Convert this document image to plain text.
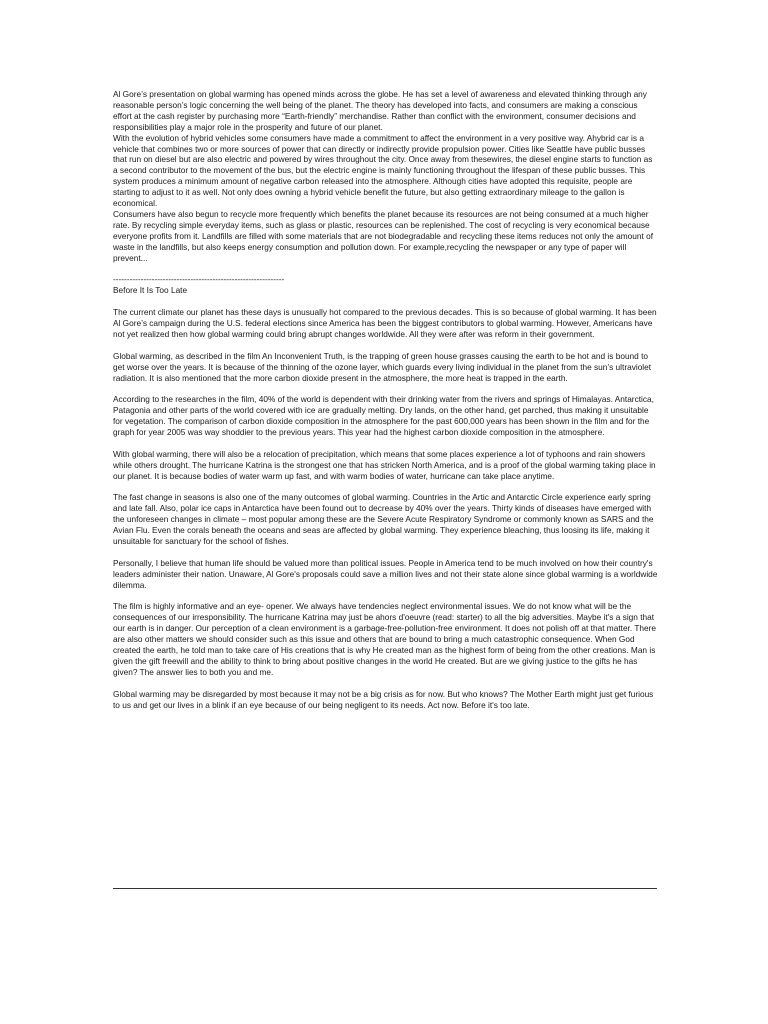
Al Gore’s presentation on global warming has opened minds across the globe. He has set a level of awareness and elevated thinking through any reasonable person’s logic concerning the well being of the planet. The theory has developed into facts, and consumers are making a conscious effort at the cash register by purchasing more “Earth-friendly” merchandise. Rather than conflict with the environment, consumer decisions and responsibilities play a major role in the prosperity and future of our planet.

With the evolution of hybrid vehicles some consumers have made a commitment to affect the environment in a very positive way. Ahybrid car is a vehicle that combines two or more sources of power that can directly or indirectly provide propulsion power. Cities like Seattle have public busses that run on diesel but are also electric and powered by wires throughout the city. Once away from thesewires, the diesel engine starts to function as a second contributor to the movement of the bus, but the electric engine is mainly functioning throughout the lifespan of these public busses. This system produces a minimum amount of negative carbon released into the atmosphere. Although cities have adopted this requisite, people are starting to adjust to it as well. Not only does owning a hybrid vehicle benefit the future, but also getting extraordinary mileage to the gallon is economical.

Consumers have also begun to recycle more frequently which benefits the planet because its resources are not being consumed at a much higher rate. By recycling simple everyday items, such as glass or plastic, resources can be replenished. The cost of recycling is very economical because everyone profits from it. Landfills are filled with some materials that are not biodegradable and recycling these items reduces not only the amount of waste in the landfills, but also keeps energy consumption and pollution down. For example,recycling the newspaper or any type of paper will prevent...

--------------------------------------------------------------

Before It Is Too Late

The current climate our planet has these days is unusually hot compared to the previous decades. This is so because of global warming. It has been Al Gore’s campaign during the U.S. federal elections since America has been the biggest contributors to global warming. However, Americans have not yet realized then how global warming could bring abrupt changes worldwide. All they were after was reform in their government.

Global warming, as described in the film An Inconvenient Truth, is the trapping of green house grasses causing the earth to be hot and is bound to get worse over the years. It is because of the thinning of the ozone layer, which guards every living individual in the planet from the sun’s ultraviolet radiation. It is also mentioned that the more carbon dioxide present in the atmosphere, the more heat is trapped in the earth.

According to the researches in the film, 40% of the world is dependent with their drinking water from the rivers and springs of Himalayas. Antarctica, Patagonia and other parts of the world covered with ice are gradually melting. Dry lands, on the other hand, get parched, thus making it unsuitable for vegetation. The comparison of carbon dioxide composition in the atmosphere for the past 600,000 years has been shown in the film and for the graph for year 2005 was way shoddier to the previous years. This year had the highest carbon dioxide composition in the atmosphere.

With global warming, there will also be a relocation of precipitation, which means that some places experience a lot of typhoons and rain showers while others drought. The hurricane Katrina is the strongest one that has stricken North America, and is a proof of the global warming taking place in our planet. It is because bodies of water warm up fast, and with warm bodies of water, hurricane can take place anytime.

The fast change in seasons is also one of the many outcomes of global warming. Countries in the Artic and Antarctic Circle experience early spring and late fall. Also, polar ice caps in Antarctica have been found out to decrease by 40% over the years. Thirty kinds of diseases have emerged with the unforeseen changes in climate – most popular among these are the Severe Acute Respiratory Syndrome or commonly known as SARS and the Avian Flu. Even the corals beneath the oceans and seas are affected by global warming. They experience bleaching, thus loosing its life, making it unsuitable for sanctuary for the school of fishes.

Personally, I believe that human life should be valued more than political issues. People in America tend to be much involved on how their country's leaders administer their nation. Unaware, Al Gore's proposals could save a million lives and not their state alone since global warming is a worldwide dilemma.

The film is highly informative and an eye- opener. We always have tendencies neglect environmental issues. We do not know what will be the consequences of our irresponsibility. The hurricane Katrina may just be ahors d'oeuvre (read: starter) to all the big adversities. Maybe it's a sign that our earth is in danger. Our perception of a clean environment is a garbage-free-pollution-free environment. It does not polish off at that matter. There are also other matters we should consider such as this issue and others that are bound to bring a much catastrophic consequence. When God created the earth, he told man to take care of His creations that is why He created man as the highest form of being from the other creations. Man is given the gift freewill and the ability to think to bring about positive changes in the world He created. But are we giving justice to the gifts he has given? The answer lies to both you and me.

Global warming may be disregarded by most because it may not be a big crisis as for now. But who knows? The Mother Earth might just get furious to us and get our lives in a blink if an eye because of our being negligent to its needs. Act now. Before it's too late.
